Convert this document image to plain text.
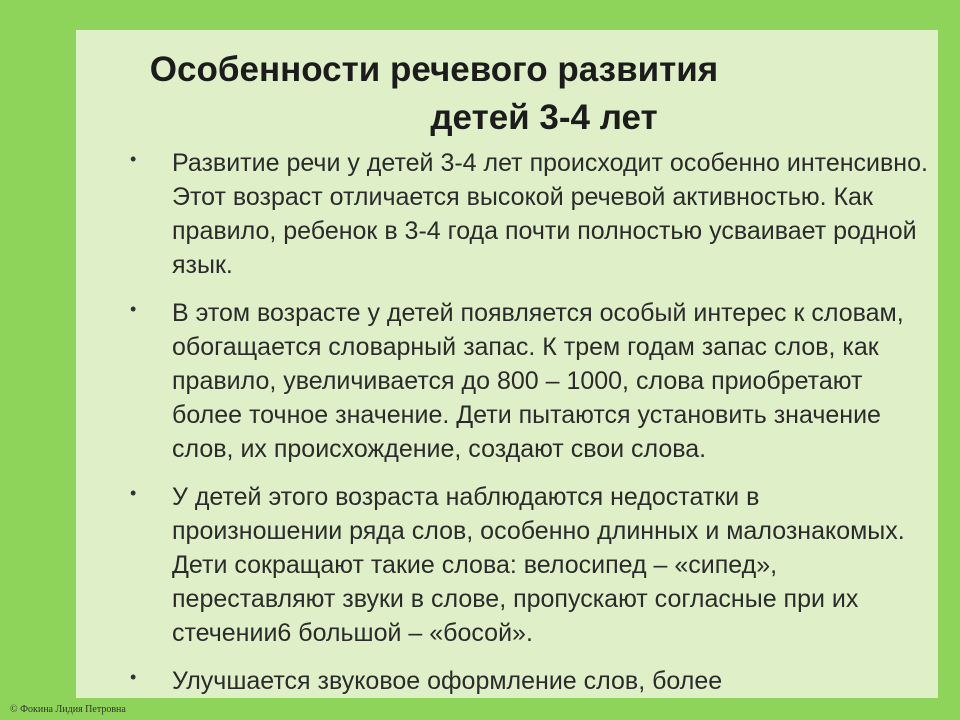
Особенности речевого развития
детей 3-4 лет
• Развитие речи у детей 3-4 лет происходит особенно интенсивно. Этот возраст отличается высокой речевой активностью. Как правило, ребенок в 3-4 года почти полностью усваивает родной язык.
• В этом возрасте у детей появляется особый интерес к словам, обогащается словарный запас. К трем годам запас слов, как правило, увеличивается до 800 – 1000, слова приобретают более точное значение. Дети пытаются установить значение слов, их происхождение, создают свои слова.
• У детей этого возраста наблюдаются недостатки в произношении ряда слов, особенно длинных и малознакомых. Дети сокращают такие слова: велосипед – «сипед», переставляют звуки в слове, пропускают согласные при их стечении6 большой – «босой».
• Улучшается звуковое оформление слов, более
© Фокина Лидия Петровна
